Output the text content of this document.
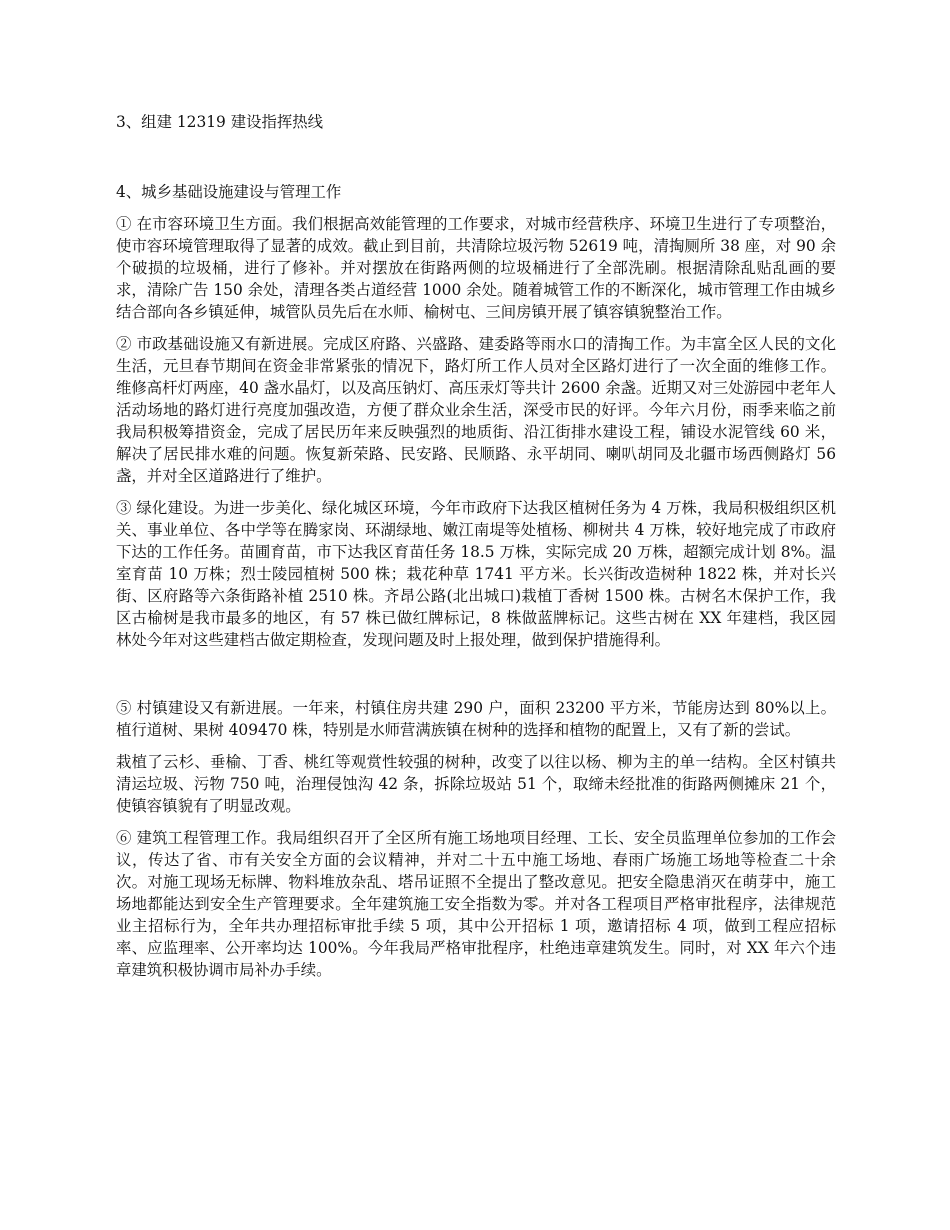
3、组建 12319 建设指挥热线
4、城乡基础设施建设与管理工作

① 在市容环境卫生方面。我们根据高效能管理的工作要求，对城市经营秩序、环境卫生进行了专项整治，使市容环境管理取得了显著的成效。截止到目前，共清除垃圾污物 52619 吨，清掏厕所 38 座，对 90 余个破损的垃圾桶，进行了修补。并对摆放在街路两侧的垃圾桶进行了全部洗刷。根据清除乱贴乱画的要求，清除广告 150 余处，清理各类占道经营 1000 余处。随着城管工作的不断深化，城市管理工作由城乡结合部向各乡镇延伸，城管队员先后在水师、榆树屯、三间房镇开展了镇容镇貌整治工作。

② 市政基础设施又有新进展。完成区府路、兴盛路、建委路等雨水口的清掏工作。为丰富全区人民的文化生活，元旦春节期间在资金非常紧张的情况下，路灯所工作人员对全区路灯进行了一次全面的维修工作。维修高杆灯两座，40 盏水晶灯，以及高压钠灯、高压汞灯等共计 2600 余盏。近期又对三处游园中老年人活动场地的路灯进行亮度加强改造，方便了群众业余生活，深受市民的好评。今年六月份，雨季来临之前我局积极筹措资金，完成了居民历年来反映强烈的地质街、沿江街排水建设工程，铺设水泥管线 60 米，解决了居民排水难的问题。恢复新荣路、民安路、民顺路、永平胡同、喇叭胡同及北疆市场西侧路灯 56 盏，并对全区道路进行了维护。

③ 绿化建设。为进一步美化、绿化城区环境，今年市政府下达我区植树任务为 4 万株，我局积极组织区机关、事业单位、各中学等在腾家岗、环湖绿地、嫩江南堤等处植杨、柳树共 4 万株，较好地完成了市政府下达的工作任务。苗圃育苗，市下达我区育苗任务 18.5 万株，实际完成 20 万株，超额完成计划 8%。温室育苗 10 万株；烈士陵园植树 500 株；栽花种草 1741 平方米。长兴街改造树种 1822 株，并对长兴街、区府路等六条街路补植 2510 株。齐昂公路(北出城口)栽植丁香树 1500 株。古树名木保护工作，我区古榆树是我市最多的地区，有 57 株已做红牌标记，8 株做蓝牌标记。这些古树在 XX 年建档，我区园林处今年对这些建档古做定期检查，发现问题及时上报处理，做到保护措施得利。

⑤ 村镇建设又有新进展。一年来，村镇住房共建 290 户，面积 23200 平方米，节能房达到 80%以上。植行道树、果树 409470 株，特别是水师营满族镇在树种的选择和植物的配置上，又有了新的尝试。

栽植了云杉、垂榆、丁香、桃红等观赏性较强的树种，改变了以往以杨、柳为主的单一结构。全区村镇共清运垃圾、污物 750 吨，治理侵蚀沟 42 条，拆除垃圾站 51 个，取缔未经批准的街路两侧摊床 21 个，使镇容镇貌有了明显改观。

⑥ 建筑工程管理工作。我局组织召开了全区所有施工场地项目经理、工长、安全员监理单位参加的工作会议，传达了省、市有关安全方面的会议精神，并对二十五中施工场地、春雨广场施工场地等检查二十余次。对施工现场无标牌、物料堆放杂乱、塔吊证照不全提出了整改意见。把安全隐患消灭在萌芽中，施工场地都能达到安全生产管理要求。全年建筑施工安全指数为零。并对各工程项目严格审批程序，法律规范业主招标行为，全年共办理招标审批手续 5 项，其中公开招标 1 项，邀请招标 4 项，做到工程应招标率、应监理率、公开率均达 100%。今年我局严格审批程序，杜绝违章建筑发生。同时，对 XX 年六个违章建筑积极协调市局补办手续。
